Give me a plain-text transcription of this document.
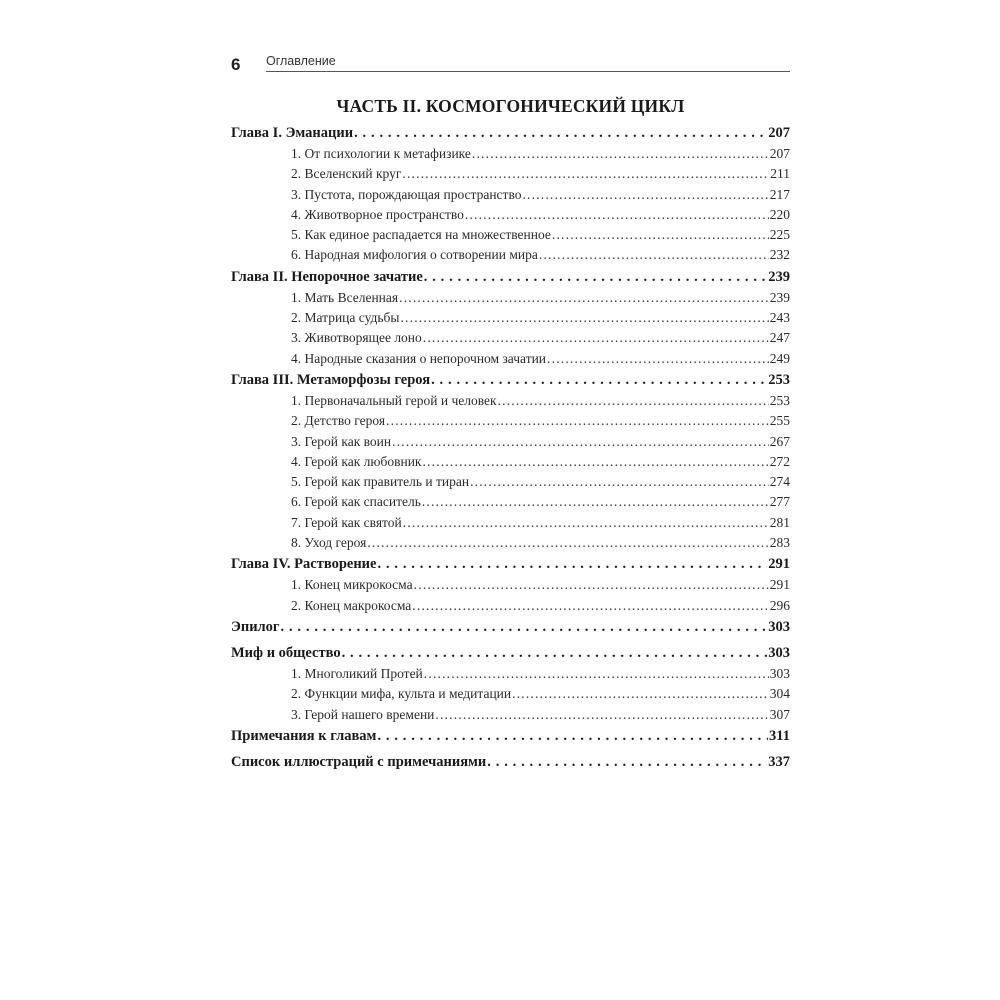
6 Оглавление
ЧАСТЬ II. КОСМОГОНИЧЕСКИЙ ЦИКЛ
Глава I. Эманации . . .	207
1. От психологии к метафизике .....	207
2. Вселенский круг .....	211
3. Пустота, порождающая пространство .....	217
4. Животворное пространство .....	220
5. Как единое распадается на множественное .....	225
6. Народная мифология о сотворении мира .....	232
Глава II. Непорочное зачатие . . .	239
1. Мать Вселенная .....	239
2. Матрица судьбы .....	243
3. Животворящее лоно .....	247
4. Народные сказания о непорочном зачатии .....	249
Глава III. Метаморфозы героя . . .	253
1. Первоначальный герой и человек .....	253
2. Детство героя .....	255
3. Герой как воин .....	267
4. Герой как любовник .....	272
5. Герой как правитель и тиран .....	274
6. Герой как спаситель .....	277
7. Герой как святой .....	281
8. Уход героя .....	283
Глава IV. Растворение . . .	291
1. Конец микрокосма .....	291
2. Конец макрокосма .....	296
Эпилог . . .	303
Миф и общество . . .	303
1. Многоликий Протей .....	303
2. Функции мифа, культа и медитации .....	304
3. Герой нашего времени .....	307
Примечания к главам . . .	311
Список иллюстраций с примечаниями . . .	337
